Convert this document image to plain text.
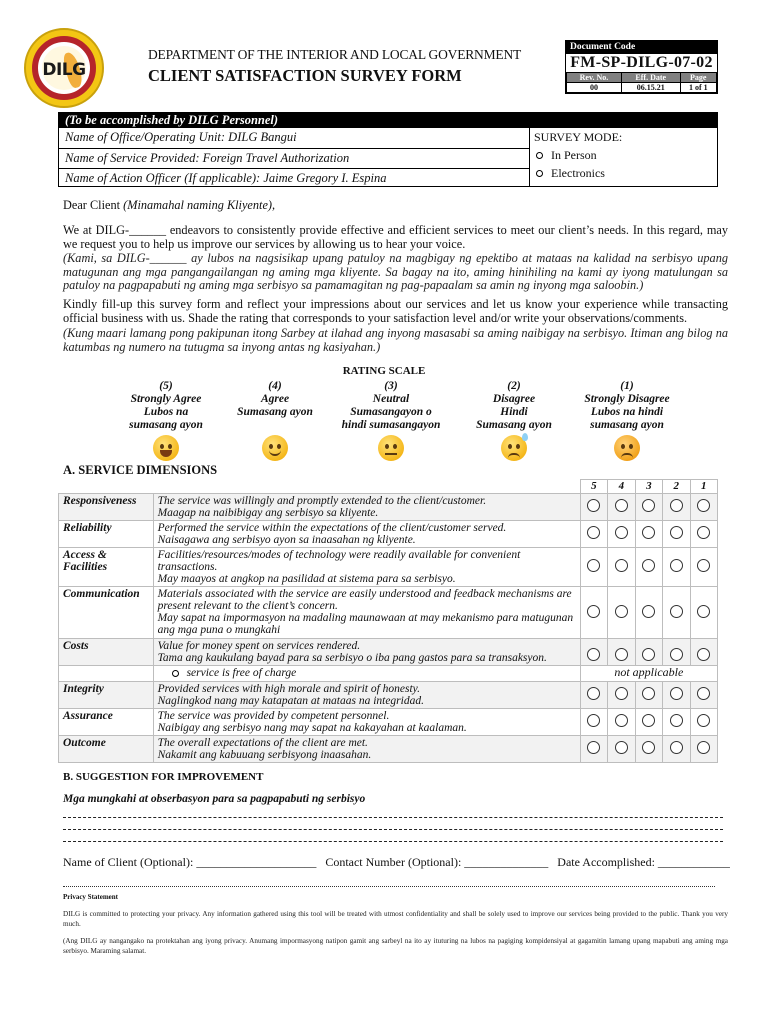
DILG
DEPARTMENT OF THE INTERIOR AND LOCAL GOVERNMENT
CLIENT SATISFACTION SURVEY FORM
Document Code
FM-SP-DILG-07-02
Rev. No.	Eff. Date	Page
00	06.15.21	1 of 1
(To be accomplished by DILG Personnel)
Name of Office/Operating Unit: DILG Bangui
Name of Service Provided: Foreign Travel Authorization
Name of Action Officer (If applicable): Jaime Gregory I. Espina
SURVEY MODE:
In Person
Electronics
Dear Client (Minamahal naming Kliyente),
We at DILG-______ endeavors to consistently provide effective and efficient services to meet our client’s needs. In this regard, may we request you to help us improve our services by allowing us to hear your voice.
(Kami, sa DILG-______ ay lubos na nagsisikap upang patuloy na magbigay ng epektibo at mataas na kalidad na serbisyo upang matugunan ang mga pangangailangan ng aming mga kliyente. Sa bagay na ito, aming hinihiling na kami ay iyong matulungan sa patuloy na pagpapabuti ng aming mga serbisyo sa pamamagitan ng pag-papaalam sa amin ng inyong mga saloobin.)
Kindly fill-up this survey form and reflect your impressions about our services and let us know your experience while transacting official business with us. Shade the rating that corresponds to your satisfaction level and/or write your observations/comments.
(Kung maari lamang pong pakipunan itong Sarbey at ilahad ang inyong masasabi sa aming naibigay na serbisyo. Itiman ang bilog na katumbas ng numero na tutugma sa inyong antas ng kasiyahan.)
RATING SCALE
(5)
Strongly Agree
Lubos na
sumasang ayon
(4)
Agree
Sumasang ayon
(3)
Neutral
Sumasangayon o
hindi sumasangayon
(2)
Disagree
Hindi
Sumasang ayon
(1)
Strongly Disagree
Lubos na hindi
sumasang ayon
A. SERVICE DIMENSIONS
		5	4	3	2	1
Responsiveness	The service was willingly and promptly extended to the client/customer.
Maagap na naibibigay ang serbisyo sa kliyente.					

Reliability	Performed the service within the expectations of the client/customer served.
Naisagawa ang serbisyo ayon sa inaasahan ng kliyente.					

Access & Facilities	Facilities/resources/modes of technology were readily available for convenient transactions.
May maayos at angkop na pasilidad at sistema para sa serbisyo.					

Communication	Materials associated with the service are easily understood and feedback mechanisms are present relevant to the client’s concern.
May sapat na impormasyon na madaling maunawaan at may mekanismo para matugunan ang mga puna o mungkahi					

Costs	Value for money spent on services rendered.
Tama ang kaukulang bayad para sa serbisyo o iba pang gastos para sa transaksyon.					

	service is free of charge	not applicable				
Integrity	Provided services with high morale and spirit of honesty.
Naglingkod nang may katapatan at mataas na integridad.					

Assurance	The service was provided by competent personnel.
Naibigay ang serbisyo nang may sapat na kakayahan at kaalaman.					

Outcome	The overall expectations of the client are met.
Nakamit ang kabuuang serbisyong inaasahan.					

B. SUGGESTION FOR IMPROVEMENT
Mga mungkahi at obserbasyon para sa pagpapabuti ng serbisyo
Name of Client (Optional): ____________________ Contact Number (Optional): ______________ Date Accomplished: ____________
Privacy Statement
DILG is committed to protecting your privacy. Any information gathered using this tool will be treated with utmost confidentiality and shall be solely used to improve our services being provided to the public. Thank you very much.
(Ang DILG ay nangangako na protektahan ang iyong privacy. Anumang impormasyong natipon gamit ang sarbeyl na ito ay ituturing na lubos na pagiging kompidensiyal at gagamitin lamang upang mapabuti ang aming mga serbisyo. Maraming salamat.
